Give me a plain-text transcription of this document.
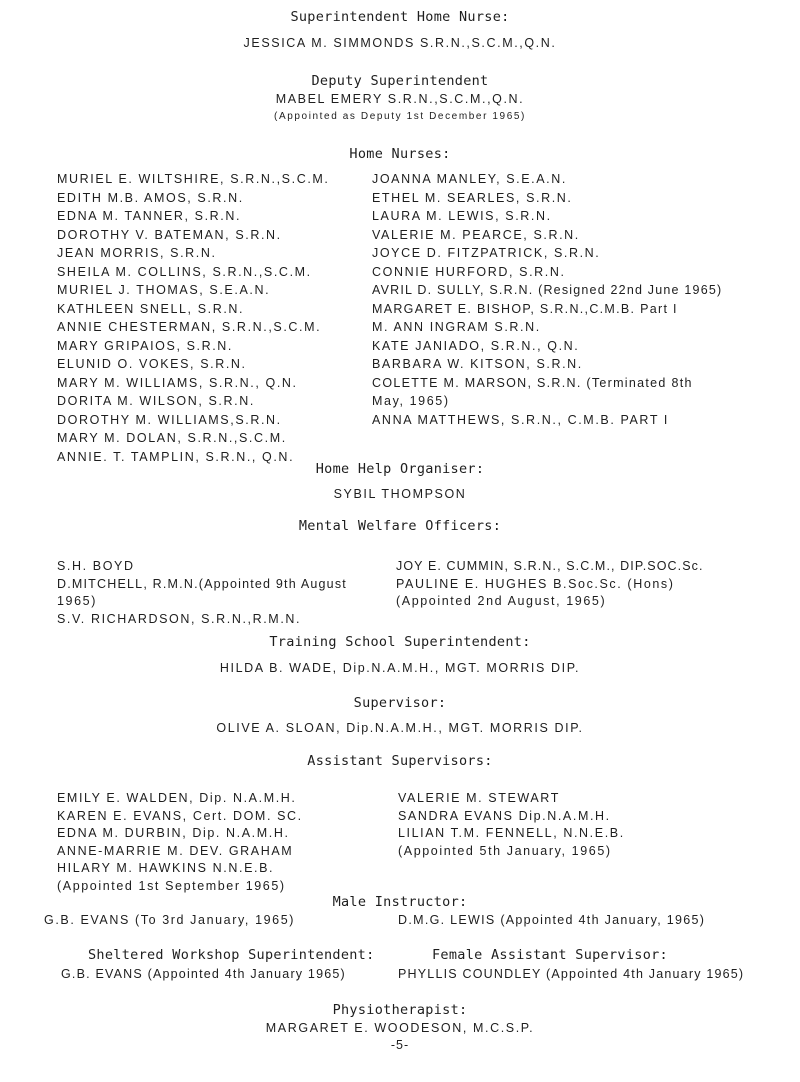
Superintendent Home Nurse:
JESSICA M. SIMMONDS S.R.N.,S.C.M.,Q.N.
Deputy Superintendent
MABEL EMERY S.R.N.,S.C.M.,Q.N.
(Appointed as Deputy 1st December 1965)
Home Nurses:
MURIEL E. WILTSHIRE, S.R.N.,S.C.M.
EDITH M.B. AMOS, S.R.N.
EDNA M. TANNER, S.R.N.
DOROTHY V. BATEMAN, S.R.N.
JEAN MORRIS, S.R.N.
SHEILA M. COLLINS, S.R.N.,S.C.M.
MURIEL J. THOMAS, S.E.A.N.
KATHLEEN SNELL, S.R.N.
ANNIE CHESTERMAN, S.R.N.,S.C.M.
MARY GRIPAIOS, S.R.N.
ELUNID O. VOKES, S.R.N.
MARY M. WILLIAMS, S.R.N., Q.N.
DORITA M. WILSON, S.R.N.
DOROTHY M. WILLIAMS,S.R.N.
MARY M. DOLAN, S.R.N.,S.C.M.
ANNIE. T. TAMPLIN, S.R.N., Q.N.
JOANNA MANLEY, S.E.A.N.
ETHEL M. SEARLES, S.R.N.
LAURA M. LEWIS, S.R.N.
VALERIE M. PEARCE, S.R.N.
JOYCE D. FITZPATRICK, S.R.N.
CONNIE HURFORD, S.R.N.
AVRIL D. SULLY, S.R.N. (Resigned 22nd June 1965)
MARGARET E. BISHOP, S.R.N.,C.M.B. Part I
M. ANN INGRAM S.R.N.
KATE JANIADO, S.R.N., Q.N.
BARBARA W. KITSON, S.R.N.
COLETTE M. MARSON, S.R.N. (Terminated 8th
May, 1965)
ANNA MATTHEWS, S.R.N., C.M.B. PART I
Home Help Organiser:
SYBIL THOMPSON
Mental Welfare Officers:
S.H. BOYD
D.MITCHELL, R.M.N.(Appointed 9th August
1965)
S.V. RICHARDSON, S.R.N.,R.M.N.
JOY E. CUMMIN, S.R.N., S.C.M., DIP.SOC.Sc.
PAULINE E. HUGHES B.Soc.Sc. (Hons)
(Appointed 2nd August, 1965)
Training School Superintendent:
HILDA B. WADE, Dip.N.A.M.H., MGT. MORRIS DIP.
Supervisor:
OLIVE A. SLOAN, Dip.N.A.M.H., MGT. MORRIS DIP.
Assistant Supervisors:
EMILY E. WALDEN, Dip. N.A.M.H.
KAREN E. EVANS, Cert. DOM. SC.
EDNA M. DURBIN, Dip. N.A.M.H.
ANNE-MARRIE M. DEV. GRAHAM
HILARY M. HAWKINS N.N.E.B.
(Appointed 1st September 1965)
VALERIE M. STEWART
SANDRA EVANS Dip.N.A.M.H.
LILIAN T.M. FENNELL, N.N.E.B.
(Appointed 5th January, 1965)
Male Instructor:
G.B. EVANS (To 3rd January, 1965)	D.M.G. LEWIS (Appointed 4th January, 1965)
Sheltered Workshop Superintendent:	Female Assistant Supervisor:
G.B. EVANS (Appointed 4th January 1965)	PHYLLIS COUNDLEY (Appointed 4th January 1965)
Physiotherapist:
MARGARET E. WOODESON, M.C.S.P.
-5-
